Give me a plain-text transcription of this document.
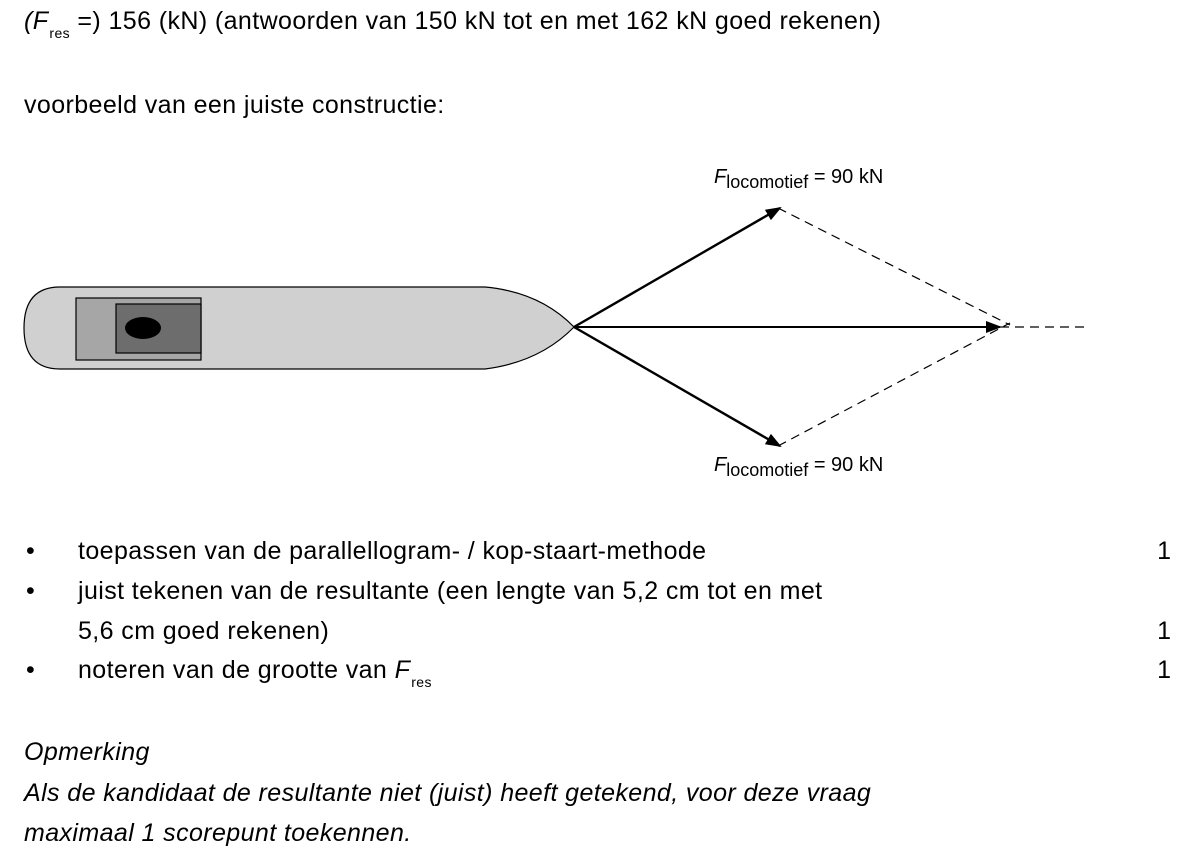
($F_{res}$ =) 156 (kN) (antwoorden van 150 kN tot en met 162 kN goed rekenen)
voorbeeld van een juiste constructie:
Flocomotief = 90 kN
Flocomotief = 90 kN
• toepassen van de parallellogram- / kop-staart-methode	1
• juist tekenen van de resultante (een lengte van 5,2 cm tot en met
5,6 cm goed rekenen)	1
• noteren van de grootte van $F_{res}$	1
Opmerking
Als de kandidaat de resultante niet (juist) heeft getekend, voor deze vraag
maximaal 1 scorepunt toekennen.
